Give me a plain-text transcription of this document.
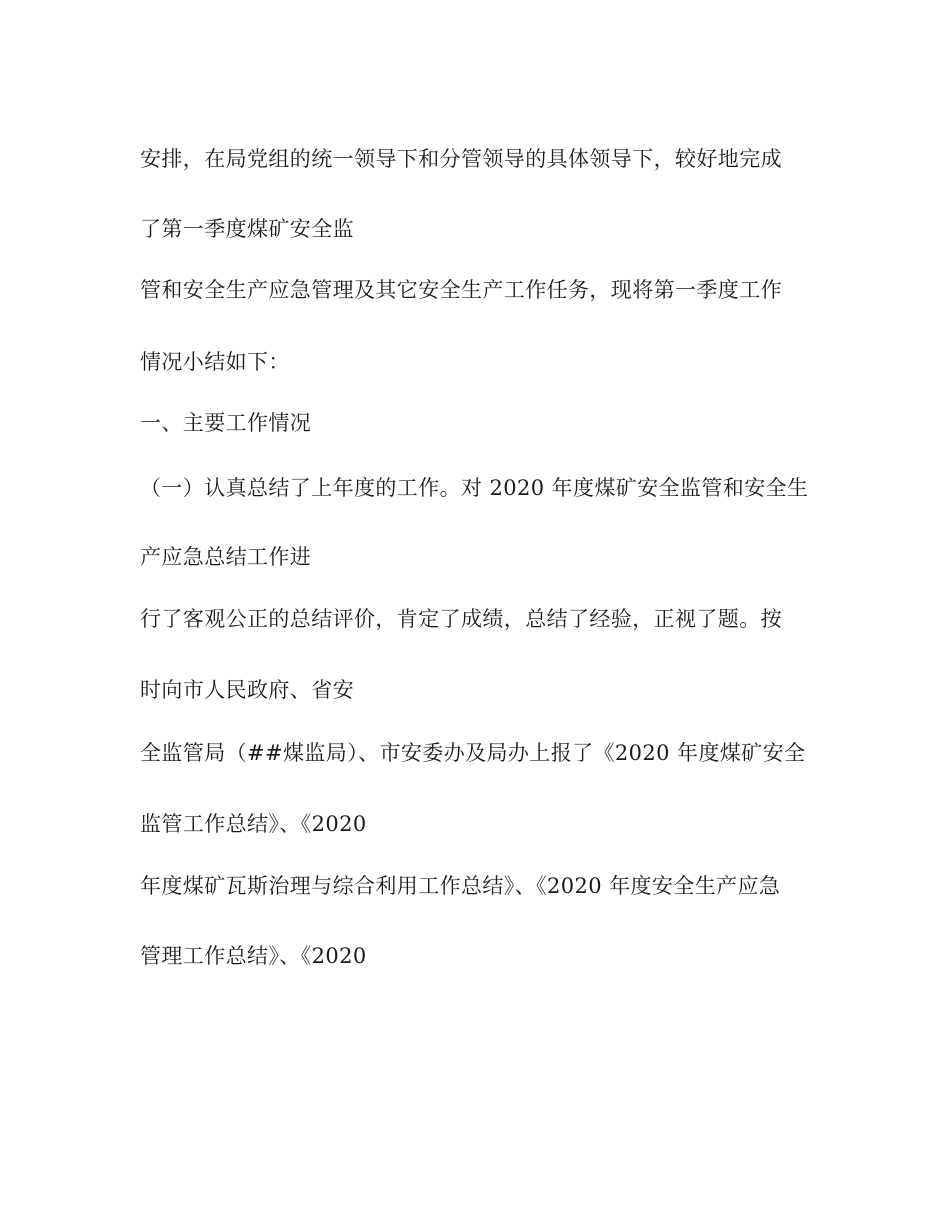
安排，在局党组的统一领导下和分管领导的具体领导下，较好地完成

了第一季度煤矿安全监

管和安全生产应急管理及其它安全生产工作任务，现将第一季度工作

情况小结如下：

一、主要工作情况

（一）认真总结了上年度的工作。对 2020 年度煤矿安全监管和安全生

产应急总结工作进

行了客观公正的总结评价，肯定了成绩，总结了经验，正视了题。按

时向市人民政府、省安

全监管局（##煤监局）、市安委办及局办上报了《2020 年度煤矿安全

监管工作总结》、《2020

年度煤矿瓦斯治理与综合利用工作总结》、《2020 年度安全生产应急

管理工作总结》、《2020
